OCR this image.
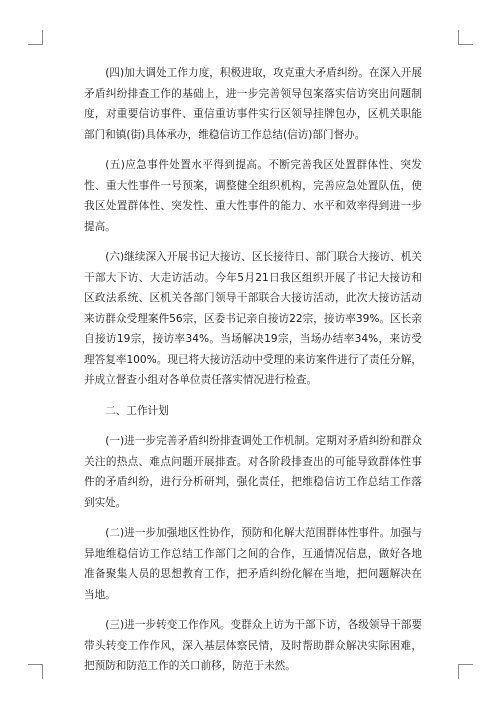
(四)加大调处工作力度，积极进取，攻克重大矛盾纠纷。在深入开展矛盾纠纷排查工作的基础上，进一步完善领导包案落实信访突出问题制度，对重要信访事件、重信重访事件实行区领导挂牌包办，区机关职能部门和镇(街)具体承办，维稳信访工作总结(信访)部门督办。

(五)应急事件处置水平得到提高。不断完善我区处置群体性、突发性、重大性事件一号预案，调整健全组织机构，完善应急处置队伍，使我区处置群体性、突发性、重大性事件的能力、水平和效率得到进一步提高。

(六)继续深入开展书记大接访、区长接待日、部门联合大接访、机关干部大下访、大走访活动。今年5月21日我区组织开展了书记大接访和区政法系统、区机关各部门领导干部联合大接访活动，此次大接访活动来访群众受理案件56宗，区委书记亲自接访22宗，接访率39%。区长亲自接访19宗，接访率34%。当场解决19宗，当场办结率34%，来访受理答复率100%。现已将大接访活动中受理的来访案件进行了责任分解，并成立督查小组对各单位责任落实情况进行检查。

二、工作计划

(一)进一步完善矛盾纠纷排查调处工作机制。定期对矛盾纠纷和群众关注的热点、难点问题开展排查。对各阶段排查出的可能导致群体性事件的矛盾纠纷，进行分析研判，强化责任，把维稳信访工作总结工作落到实处。

(二)进一步加强地区性协作，预防和化解大范围群体性事件。加强与异地维稳信访工作总结工作部门之间的合作，互通情况信息，做好各地准备聚集人员的思想教育工作，把矛盾纠纷化解在当地，把问题解决在当地。

(三)进一步转变工作作风。变群众上访为干部下访，各级领导干部要带头转变工作作风，深入基层体察民情，及时帮助群众解决实际困难，把预防和防范工作的关口前移，防范于未然。
